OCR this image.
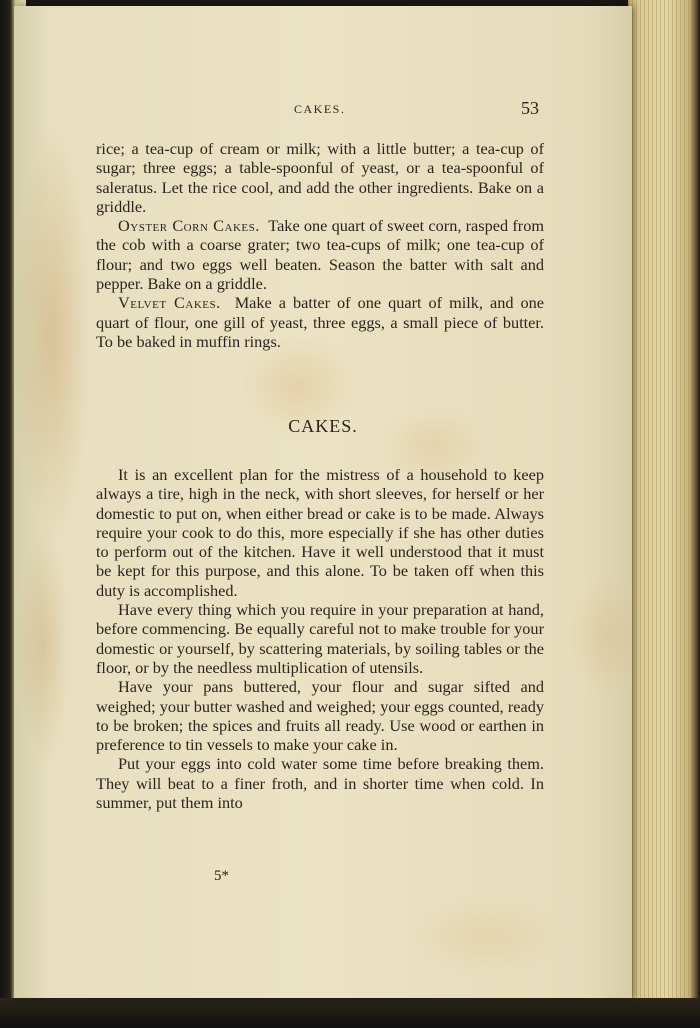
CAKES.	53

rice; a tea-cup of cream or milk; with a little butter; a tea-cup of sugar; three eggs; a table-spoonful of yeast, or a tea-spoonful of saleratus. Let the rice cool, and add the other ingredients. Bake on a griddle.

Oyster Corn Cakes. Take one quart of sweet corn, rasped from the cob with a coarse grater; two tea-cups of milk; one tea-cup of flour; and two eggs well beaten. Season the batter with salt and pepper. Bake on a griddle.

Velvet Cakes. Make a batter of one quart of milk, and one quart of flour, one gill of yeast, three eggs, a small piece of butter. To be baked in muffin rings.

CAKES.

It is an excellent plan for the mistress of a household to keep always a tire, high in the neck, with short sleeves, for herself or her domestic to put on, when either bread or cake is to be made. Always require your cook to do this, more especially if she has other duties to perform out of the kitchen. Have it well understood that it must be kept for this purpose, and this alone. To be taken off when this duty is accomplished.

Have every thing which you require in your preparation at hand, before commencing. Be equally careful not to make trouble for your domestic or yourself, by scattering materials, by soiling tables or the floor, or by the needless multiplication of utensils.

Have your pans buttered, your flour and sugar sifted and weighed; your butter washed and weighed; your eggs counted, ready to be broken; the spices and fruits all ready. Use wood or earthen in preference to tin vessels to make your cake in.

Put your eggs into cold water some time before breaking them. They will beat to a finer froth, and in shorter time when cold. In summer, put them into

5*
